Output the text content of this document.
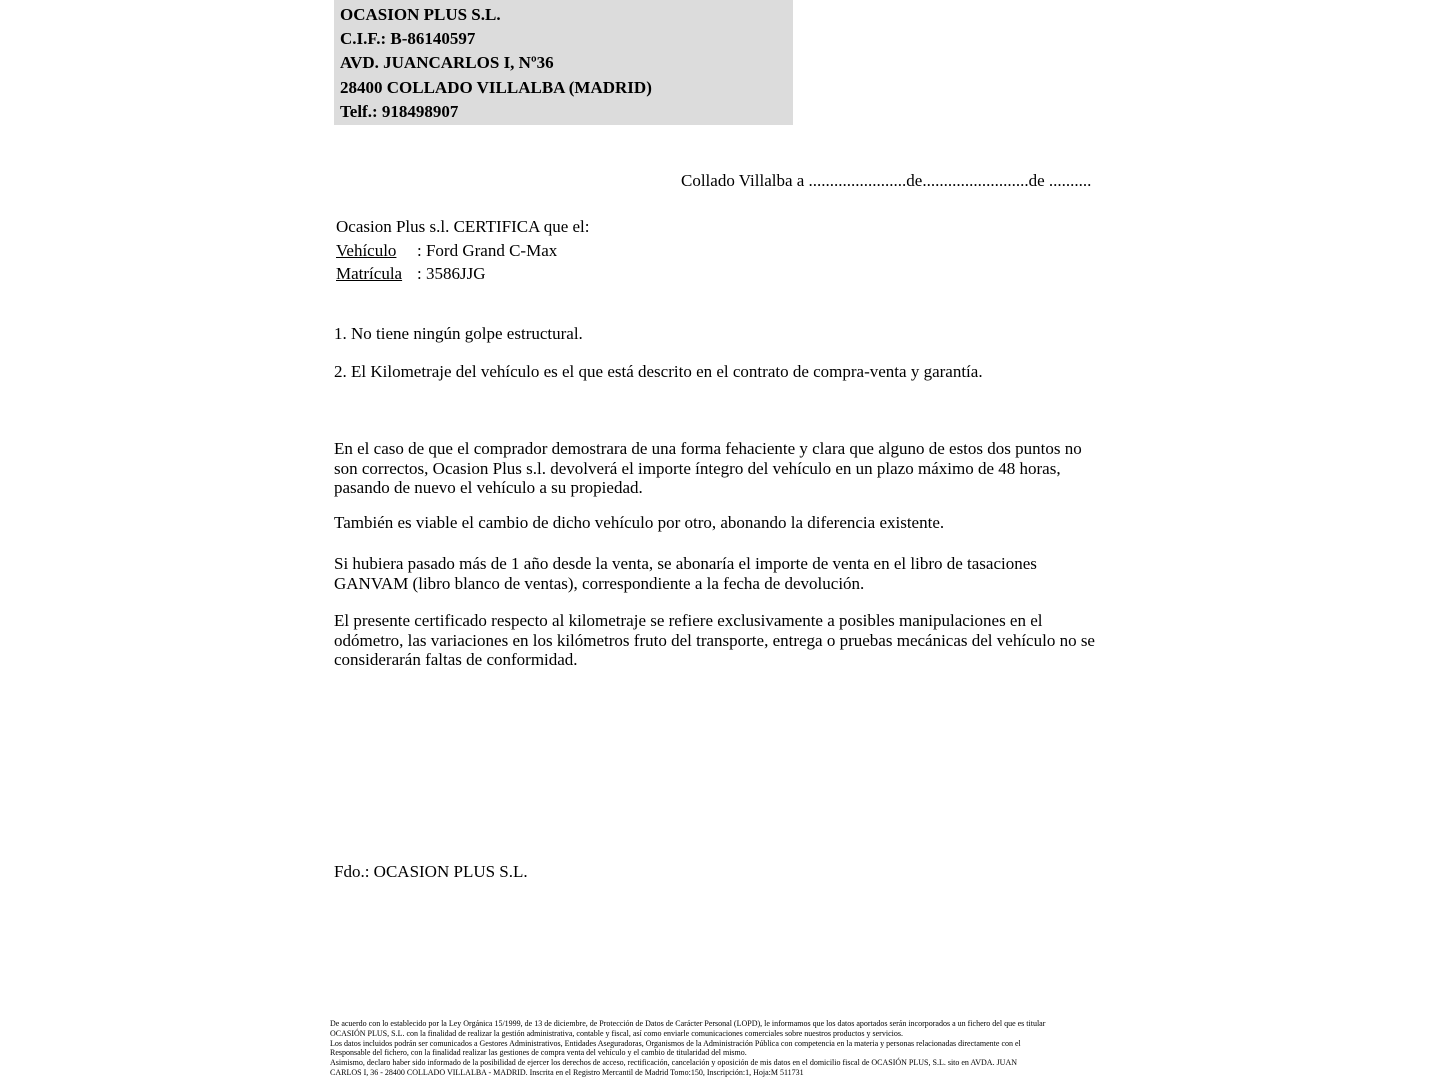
OCASION PLUS S.L.
C.I.F.: B-86140597
AVD. JUANCARLOS I, Nº36
28400 COLLADO VILLALBA (MADRID)
Telf.: 918498907
Collado Villalba a .......................de.........................de ..........
Ocasion Plus s.l. CERTIFICA que el:
Vehículo : Ford Grand C-Max
Matrícula : 3586JJG
1. No tiene ningún golpe estructural.
2. El Kilometraje del vehículo es el que está descrito en el contrato de compra-venta y garantía.

En el caso de que el comprador demostrara de una forma fehaciente y clara que alguno de estos dos puntos no son correctos, Ocasion Plus s.l. devolverá el importe íntegro del vehículo en un plazo máximo de 48 horas, pasando de nuevo el vehículo a su propiedad.

También es viable el cambio de dicho vehículo por otro, abonando la diferencia existente.

Si hubiera pasado más de 1 año desde la venta, se abonaría el importe de venta en el libro de tasaciones GANVAM (libro blanco de ventas), correspondiente a la fecha de devolución.

El presente certificado respecto al kilometraje se refiere exclusivamente a posibles manipulaciones en el odómetro, las variaciones en los kilómetros fruto del transporte, entrega o pruebas mecánicas del vehículo no se considerarán faltas de conformidad.

Fdo.: OCASION PLUS S.L.
De acuerdo con lo establecido por la Ley Orgánica 15/1999, de 13 de diciembre, de Protección de Datos de Carácter Personal (LOPD), le informamos que los datos aportados serán incorporados a un fichero del que es titular
OCASIÓN PLUS, S.L. con la finalidad de realizar la gestión administrativa, contable y fiscal, así como enviarle comunicaciones comerciales sobre nuestros productos y servicios.
Los datos incluidos podrán ser comunicados a Gestores Administrativos, Entidades Aseguradoras, Organismos de la Administración Pública con competencia en la materia y personas relacionadas directamente con el
Responsable del fichero, con la finalidad realizar las gestiones de compra venta del vehículo y el cambio de titularidad del mismo.
Asimismo, declaro haber sido informado de la posibilidad de ejercer los derechos de acceso, rectificación, cancelación y oposición de mis datos en el domicilio fiscal de OCASIÓN PLUS, S.L. sito en AVDA. JUAN
CARLOS I, 36 - 28400 COLLADO VILLALBA - MADRID. Inscrita en el Registro Mercantil de Madrid Tomo:150, Inscripción:1, Hoja:M 511731
